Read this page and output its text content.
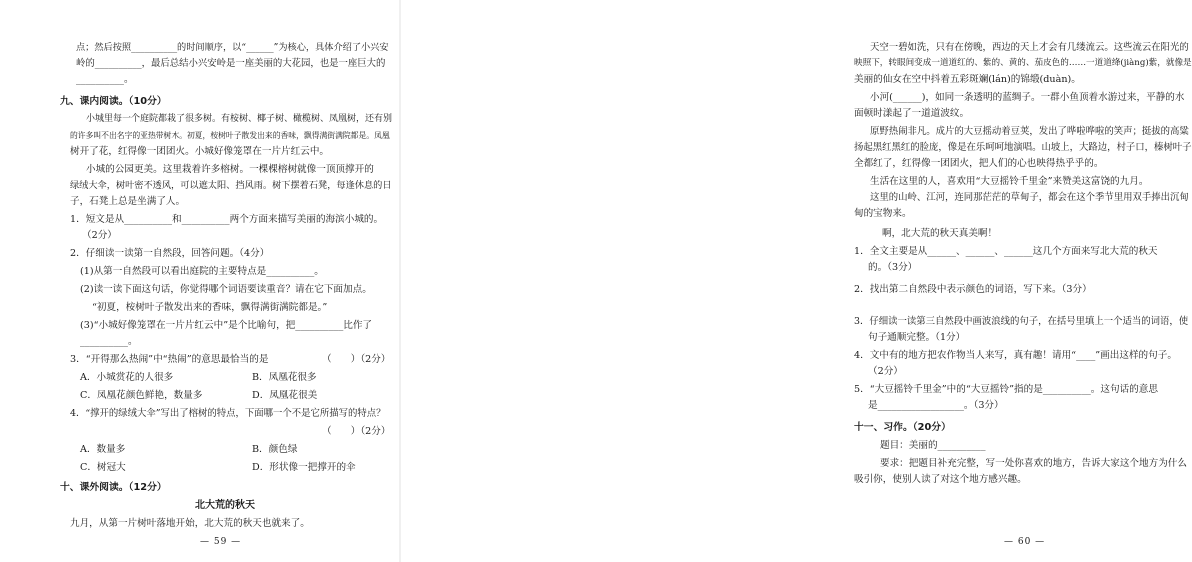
点；然后按照__________的时间顺序，以“______”为核心，具体介绍了小兴安
岭的__________，最后总结小兴安岭是一座美丽的大花园，也是一座巨大的
__________。
九、课内阅读。（10分）
小城里每一个庭院都栽了很多树。有桉树、椰子树、橄榄树、凤凰树，还有别
的许多叫不出名字的亚热带树木。初夏，桉树叶子散发出来的香味，飘得满街满院都是。凤凰
树开了花，红得像一团团火。小城好像笼罩在一片片红云中。
小城的公园更美。这里栽着许多榕树。一棵棵榕树就像一顶顶撑开的
绿绒大伞，树叶密不透风，可以遮太阳、挡风雨。树下摆着石凳，每逢休息的日
子，石凳上总是坐满了人。
1．短文是从__________和__________两个方面来描写美丽的海滨小城的。
（2分）
2．仔细读一读第一自然段，回答问题。（4分）
(1)从第一自然段可以看出庭院的主要特点是__________。
(2)读一读下面这句话，你觉得哪个词语要读重音？请在它下面加点。
“初夏，桉树叶子散发出来的香味，飘得满街满院都是。”
(3)“小城好像笼罩在一片片红云中”是个比喻句，把__________比作了
__________。
3．“开得那么热闹”中“热闹”的意思最恰当的是	（　　）（2分）
A．小城赏花的人很多	B．凤凰花很多
C．凤凰花颜色鲜艳，数量多	D．凤凰花很美
4．“撑开的绿绒大伞”写出了榕树的特点，下面哪一个不是它所描写的特点？
（　　）（2分）
A．数量多	B．颜色绿
C．树冠大	D．形状像一把撑开的伞
十、课外阅读。（12分）
北大荒的秋天
九月，从第一片树叶落地开始，北大荒的秋天也就来了。
— 59 —
天空一碧如洗，只有在傍晚，西边的天上才会有几缕流云。这些流云在阳光的
映照下，转眼间变成一道道红的、紫的、黄的、茄皮色的……一道道绛(jiàng)紫，就像是
美丽的仙女在空中抖着五彩斑斓(lán)的锦缎(duàn)。
小河(______)，如同一条透明的蓝绸子。一群小鱼顶着水游过来，平静的水
面顿时漾起了一道道波纹。
原野热闹非凡。成片的大豆摇动着豆荚，发出了哗啦哗啦的笑声；挺拔的高粱
扬起黑红黑红的脸庞，像是在乐呵呵地演唱。山坡上，大路边，村子口，榛树叶子
全都红了，红得像一团团火，把人们的心也映得热乎乎的。
生活在这里的人，喜欢用“大豆摇铃千里金”来赞美这富饶的九月。
这里的山岭、江河，连同那茫茫的草甸子，都会在这个季节里用双手捧出沉甸
甸的宝物来。
啊，北大荒的秋天真美啊！
1．全文主要是从______、______、______这几个方面来写北大荒的秋天
的。（3分）
2．找出第二自然段中表示颜色的词语，写下来。（3分）
3．仔细读一读第三自然段中画波浪线的句子，在括号里填上一个适当的词语，使
句子通顺完整。（1分）
4．文中有的地方把农作物当人来写，真有趣！请用“____”画出这样的句子。
（2分）
5．“大豆摇铃千里金”中的“大豆摇铃”指的是__________。这句话的意思
是__________________。（3分）
十一、习作。（20分）
题目：美丽的__________
要求：把题目补充完整，写一处你喜欢的地方，告诉大家这个地方为什么
吸引你，使别人读了对这个地方感兴趣。
— 60 —
